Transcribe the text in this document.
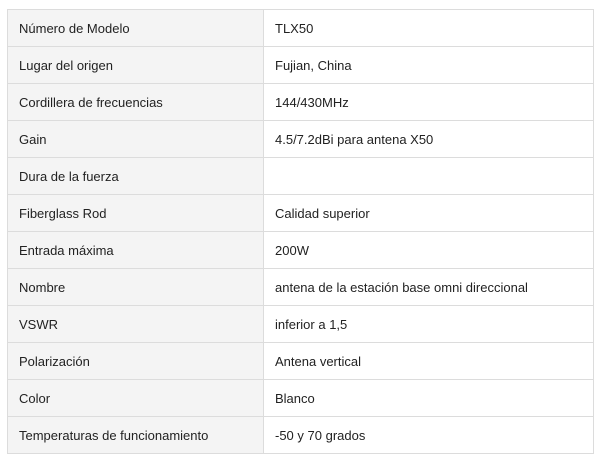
Número de Modelo	TLX50
Lugar del origen	Fujian, China
Cordillera de frecuencias	144/430MHz
Gain	4.5/7.2dBi para antena X50
Dura de la fuerza	
Fiberglass Rod	Calidad superior
Entrada máxima	200W
Nombre	antena de la estación base omni direccional
VSWR	inferior a 1,5
Polarización	Antena vertical
Color	Blanco
Temperaturas de funcionamiento	-50 y 70 grados
